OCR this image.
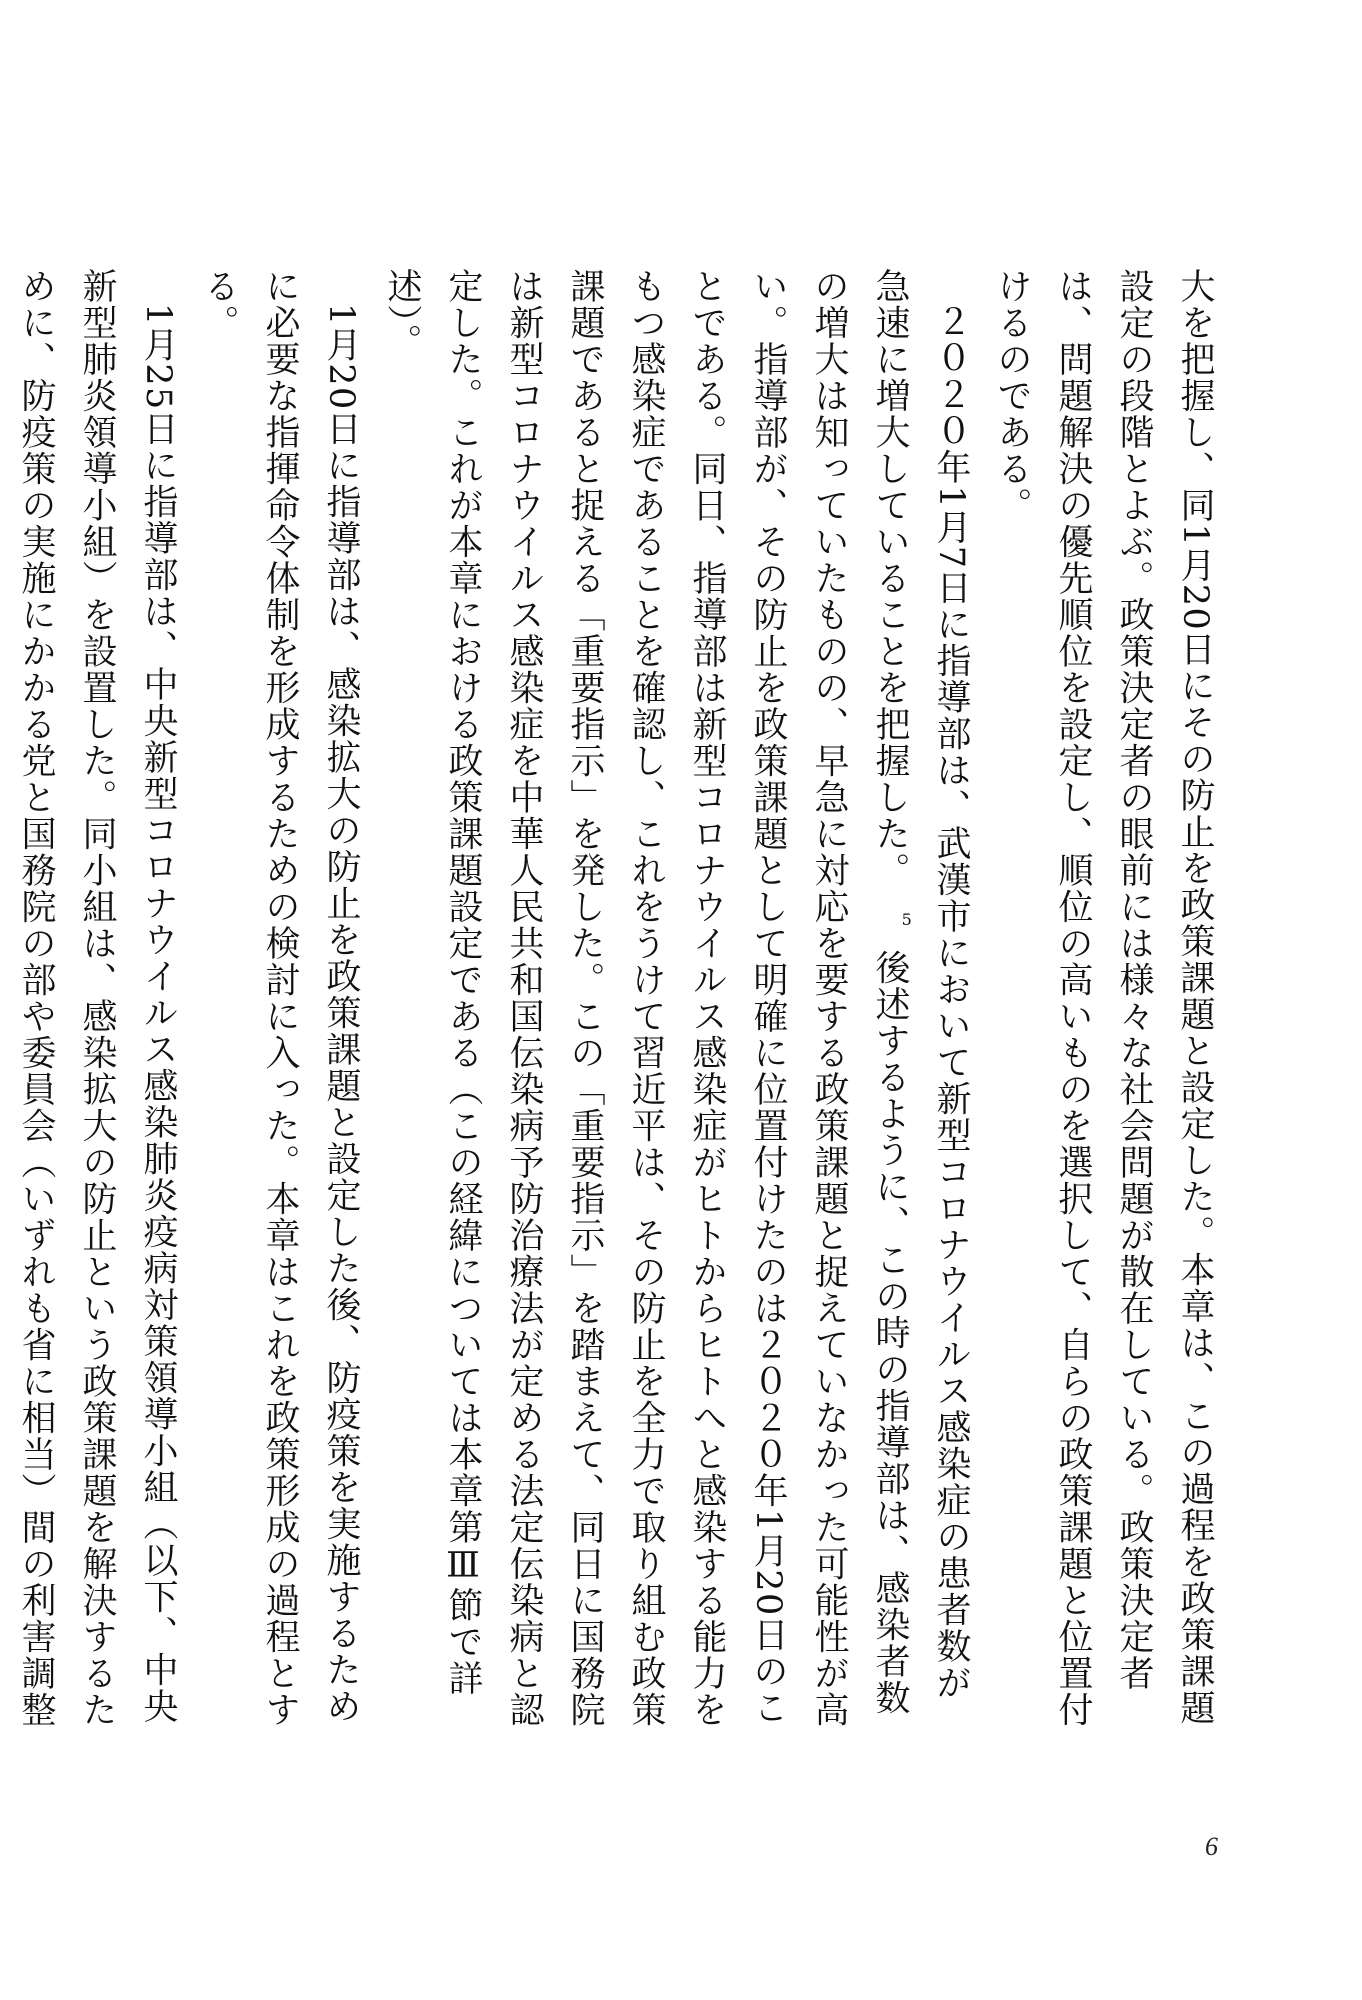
大を把握し、同1月20日にその防止を政策課題と設定した。本章は、この過程を政策課題設定の段階とよぶ。政策決定者の眼前には様々な社会問題が散在している。政策決定者は、問題解決の優先順位を設定し、順位の高いものを選択して、自らの政策課題と位置付けるのである。

２０２０年1月7日に指導部は、武漢市において新型コロナウイルス感染症の患者数が急速に増大していることを把握した。5後述するように、この時の指導部は、感染者数の増大は知っていたものの、早急に対応を要する政策課題と捉えていなかった可能性が高い。指導部が、その防止を政策課題として明確に位置付けたのは２０２０年1月20日のことである。同日、指導部は新型コロナウイルス感染症がヒトからヒトへと感染する能力をもつ感染症であることを確認し、これをうけて習近平は、その防止を全力で取り組む政策課題であると捉える「重要指示」を発した。この「重要指示」を踏まえて、同日に国務院は新型コロナウイルス感染症を中華人民共和国伝染病予防治療法が定める法定伝染病と認定した。これが本章における政策課題設定である（この経緯については本章第Ⅲ節で詳述）。

1月20日に指導部は、感染拡大の防止を政策課題と設定した後、防疫策を実施するために必要な指揮命令体制を形成するための検討に入った。本章はこれを政策形成の過程とする。

1月25日に指導部は、中央新型コロナウイルス感染肺炎疫病対策領導小組（以下、中央新型肺炎領導小組）を設置した。同小組は、感染拡大の防止という政策課題を解決するために、防疫策の実施にかかる党と国務院の部や委員会（いずれも省に相当）間の利害調整

6
